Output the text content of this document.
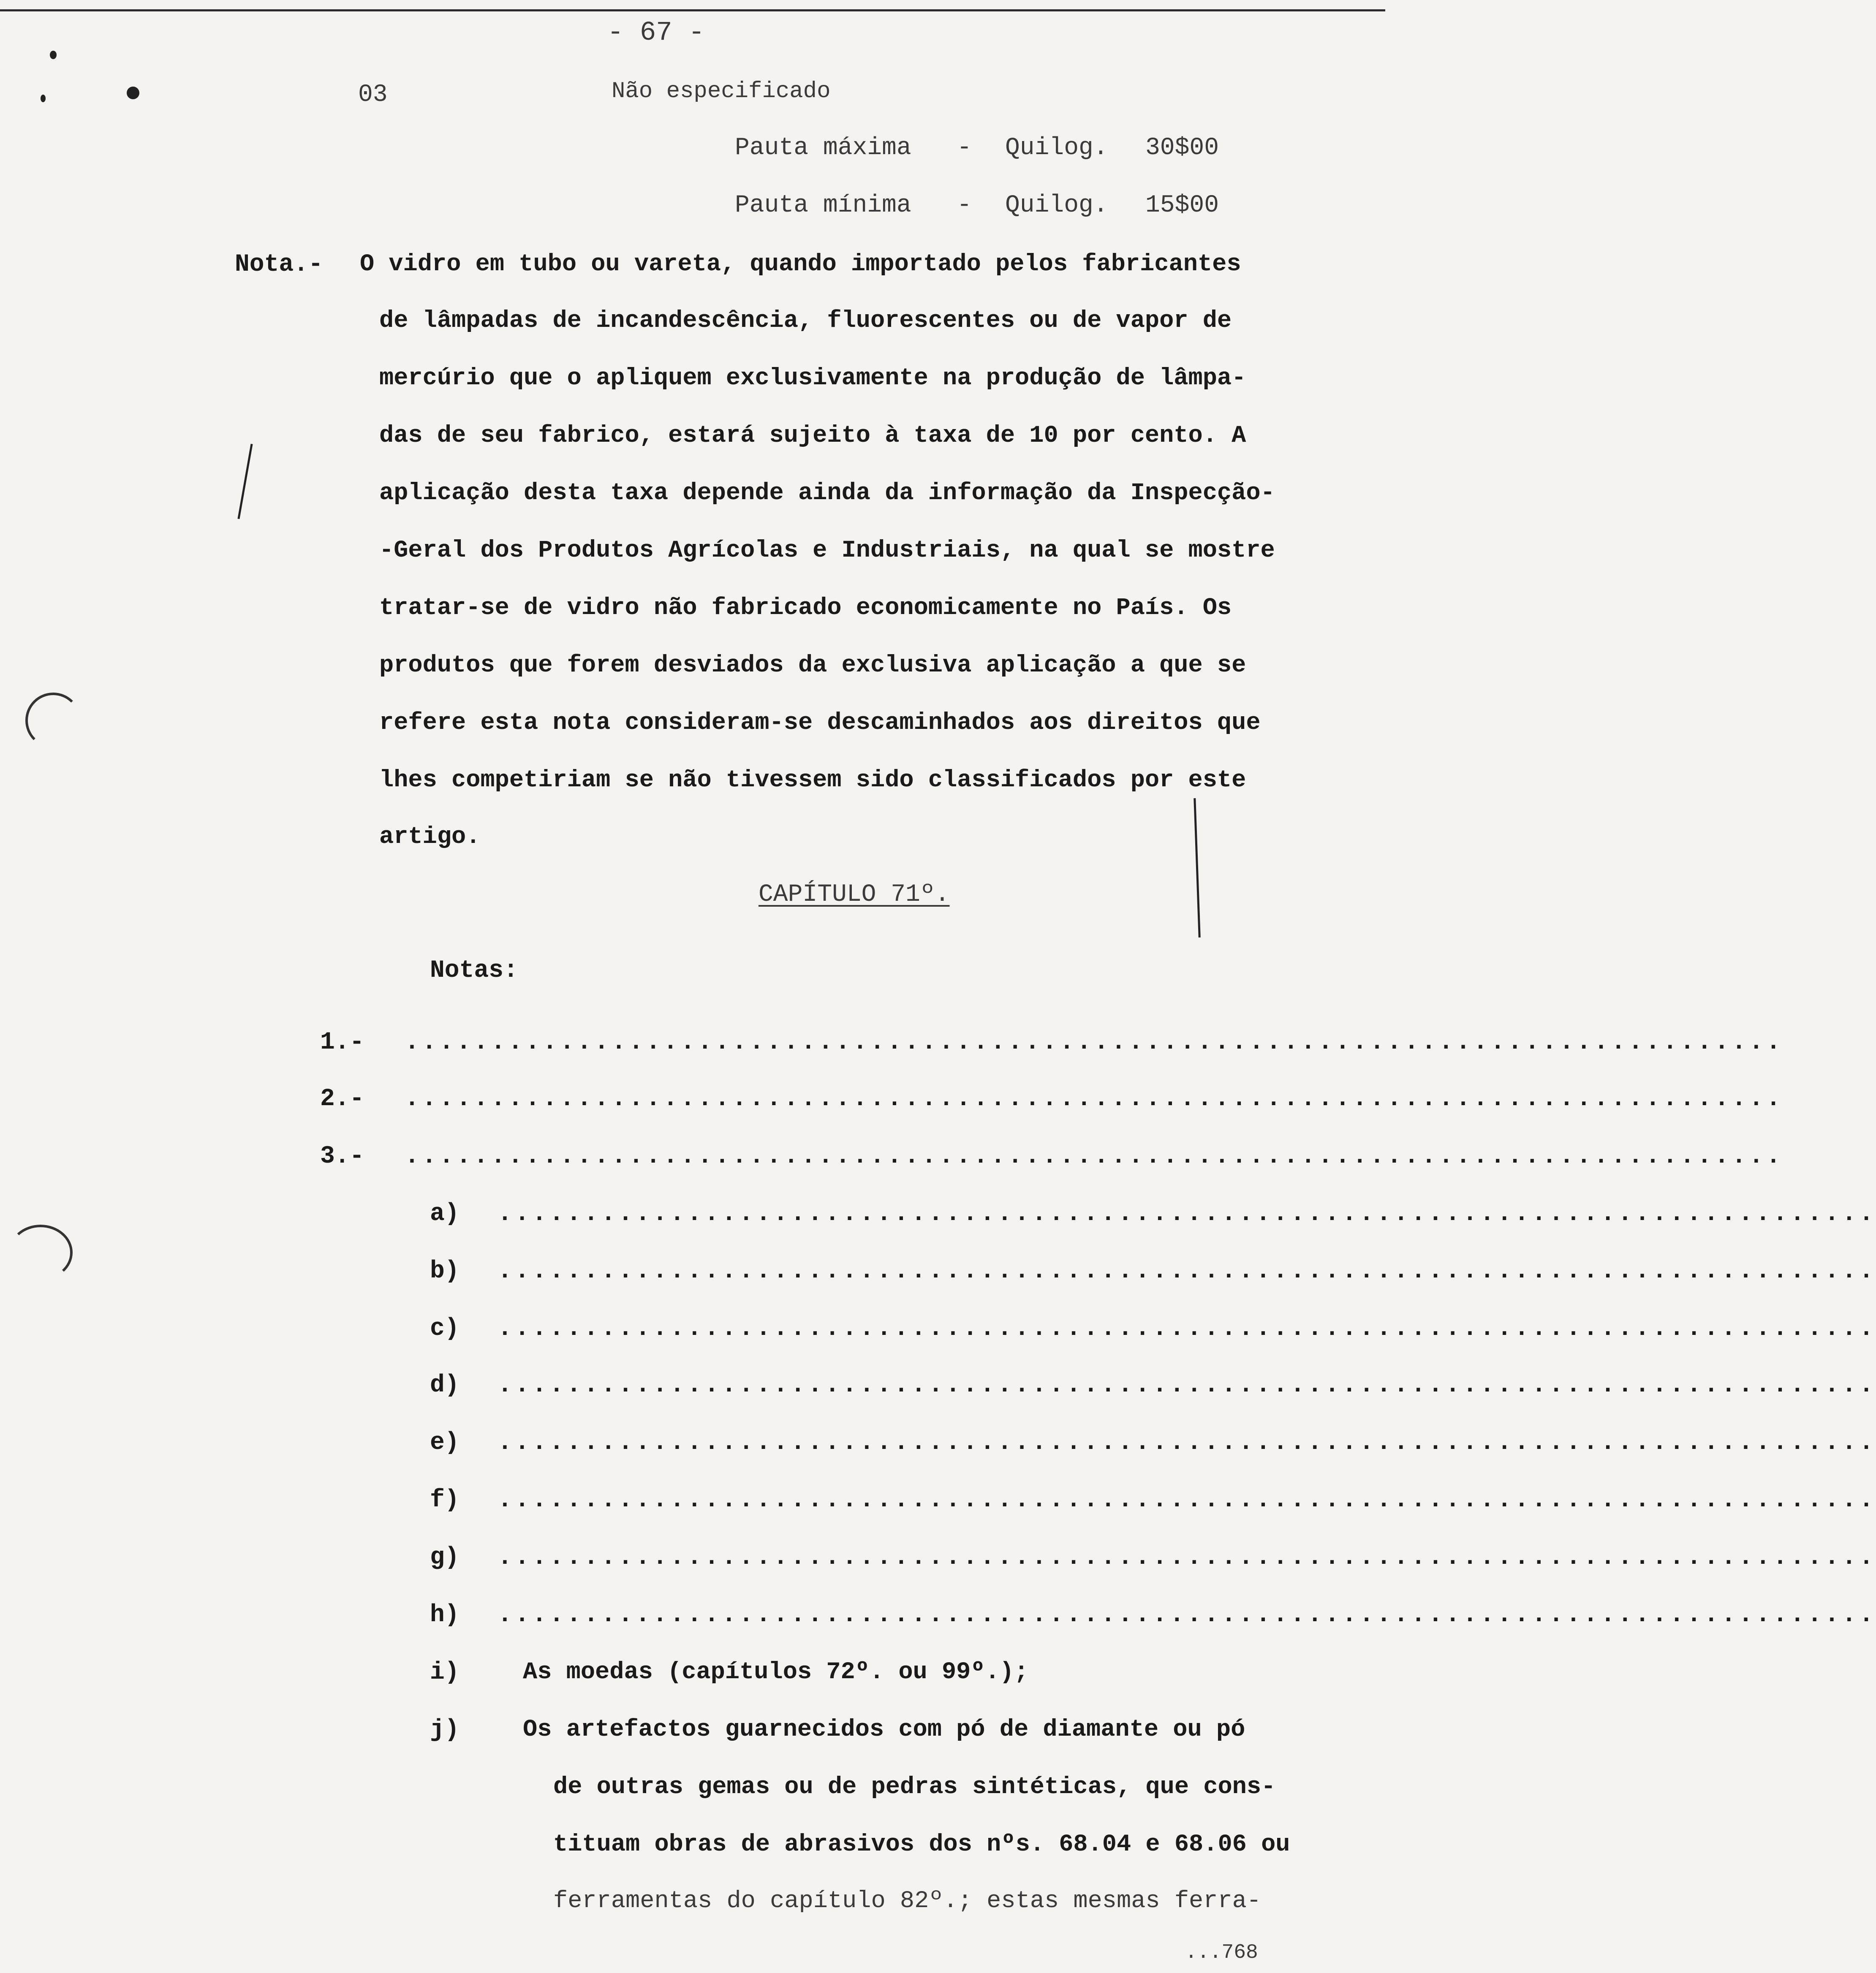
- 67 -
03	Não especificado
Pauta máxima - Quilog. 30$00
Pauta mínima - Quilog. 15$00
Nota.- O vidro em tubo ou vareta, quando importado pelos fabricantes
de lâmpadas de incandescência, fluorescentes ou de vapor de
mercúrio que o apliquem exclusivamente na produção de lâmpa-
das de seu fabrico, estará sujeito à taxa de 10 por cento. A
aplicação desta taxa depende ainda da informação da Inspecção-
-Geral dos Produtos Agrícolas e Industriais, na qual se mostre
tratar-se de vidro não fabricado economicamente no País. Os
produtos que forem desviados da exclusiva aplicação a que se
refere esta nota consideram-se descaminhados aos direitos que
lhes competiriam se não tivessem sido classificados por este
artigo.
CAPÍTULO 71º.
Notas:
1.- ................................................................................
2.- ................................................................................
3.- ................................................................................
a) ................................................................................
b) ................................................................................
c) ................................................................................
d) ................................................................................
e) ................................................................................
f) ................................................................................
g) ................................................................................
h) ................................................................................
i)	As moedas (capítulos 72º. ou 99º.);
j)	Os artefactos guarnecidos com pó de diamante ou pó
de outras gemas ou de pedras sintéticas, que cons-
tituam obras de abrasivos dos nºs. 68.04 e 68.06 ou
ferramentas do capítulo 82º.; estas mesmas ferra-
...768
